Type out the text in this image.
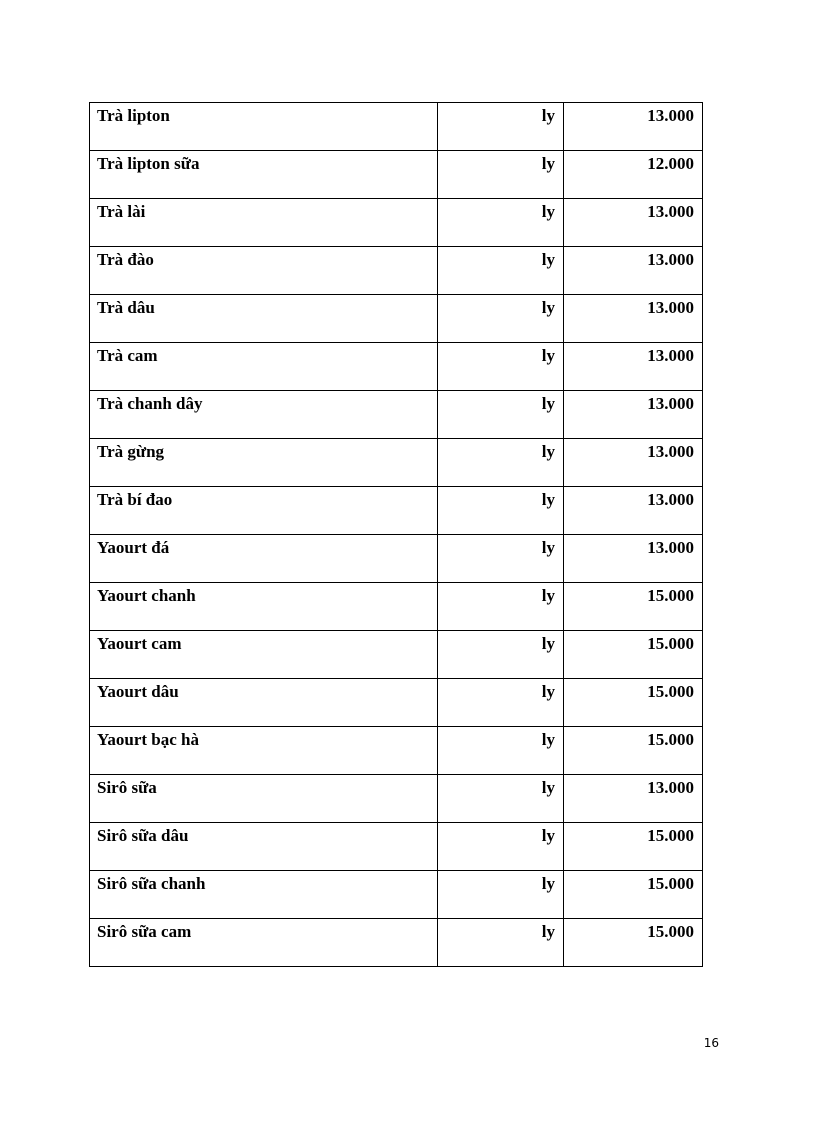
Trà lipton	ly	13.000
Trà lipton sữa	ly	12.000
Trà lài	ly	13.000
Trà đào	ly	13.000
Trà dâu	ly	13.000
Trà cam	ly	13.000
Trà chanh dây	ly	13.000
Trà gừng	ly	13.000
Trà bí đao	ly	13.000
Yaourt đá	ly	13.000
Yaourt chanh	ly	15.000
Yaourt cam	ly	15.000
Yaourt dâu	ly	15.000
Yaourt bạc hà	ly	15.000
Sirô sữa	ly	13.000
Sirô sữa dâu	ly	15.000
Sirô sữa chanh	ly	15.000
Sirô sữa cam	ly	15.000
16
